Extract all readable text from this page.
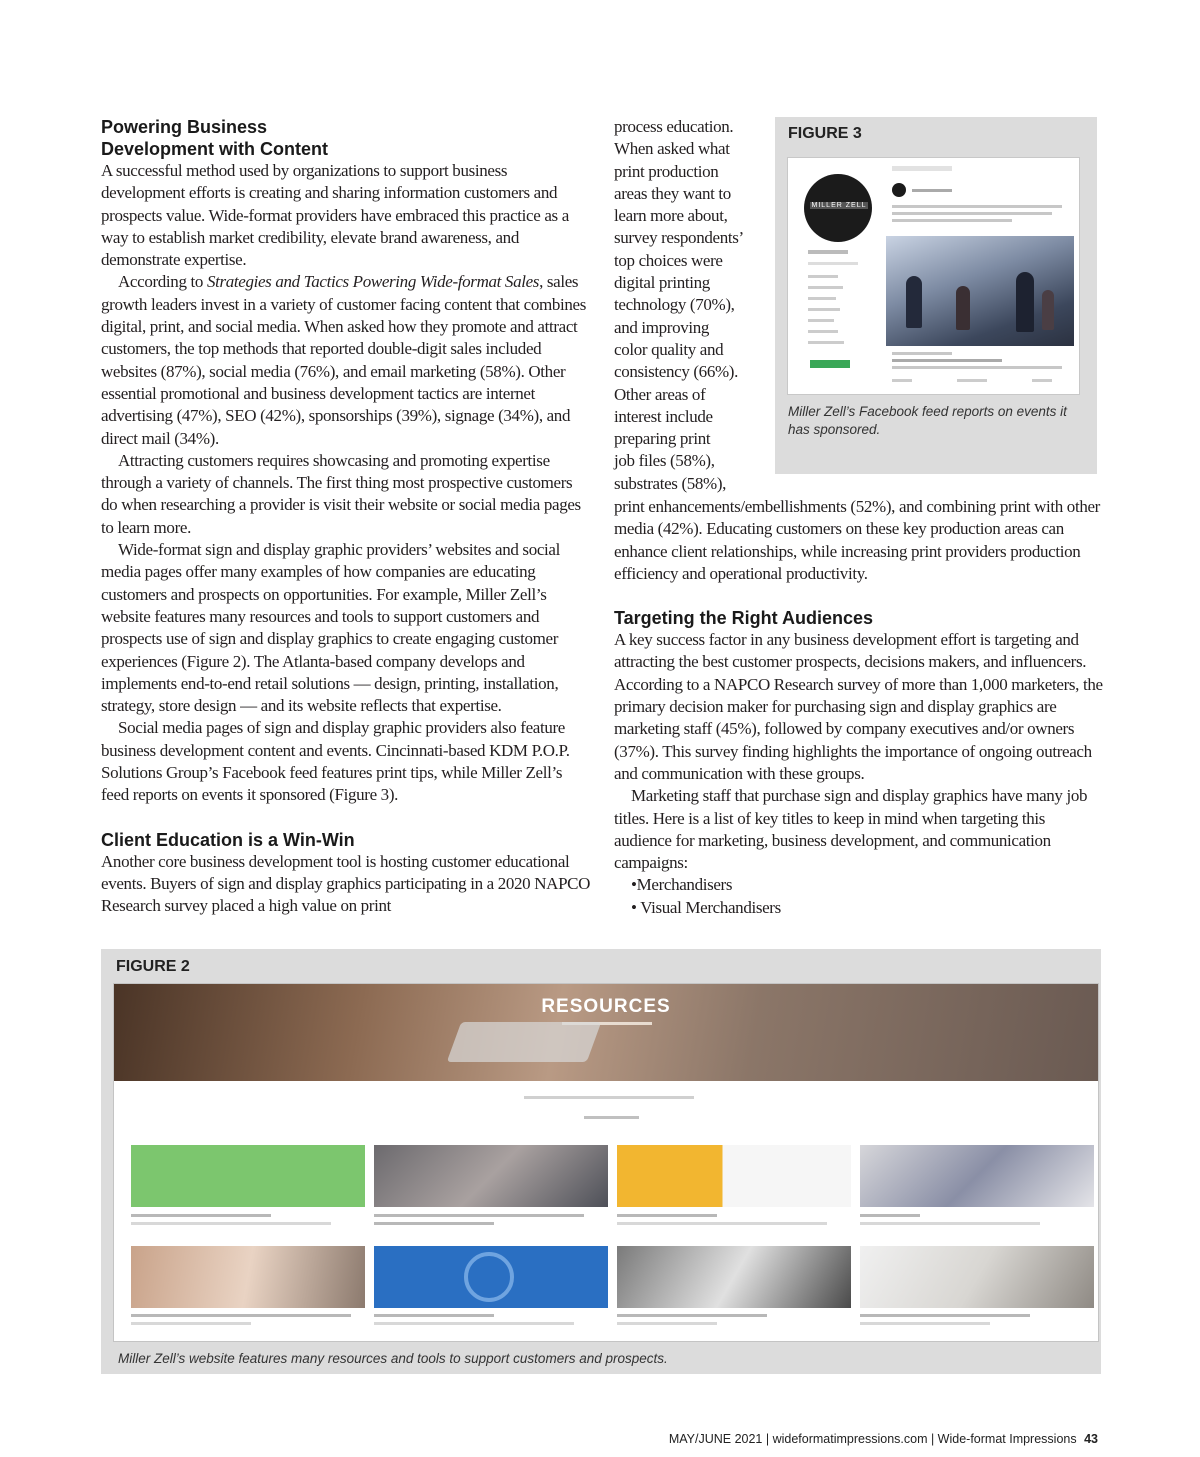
Powering Business
Development with Content

A successful method used by organizations to support business development efforts is creating and sharing information customers and prospects value. Wide-format providers have embraced this practice as a way to establish market credibility, elevate brand awareness, and demonstrate expertise.

According to Strategies and Tactics Powering Wide-format Sales, sales growth leaders invest in a variety of customer facing content that combines digital, print, and social media. When asked how they promote and attract customers, the top methods that reported double-digit sales included websites (87%), social media (76%), and email marketing (58%). Other essential promotional and business development tactics are internet advertising (47%), SEO (42%), sponsorships (39%), signage (34%), and direct mail (34%).

Attracting customers requires showcasing and promoting expertise through a variety of channels. The first thing most prospective customers do when researching a provider is visit their website or social media pages to learn more.

Wide-format sign and display graphic providers’ websites and social media pages offer many examples of how companies are educating customers and prospects on opportunities. For example, Miller Zell’s website features many resources and tools to support customers and prospects use of sign and display graphics to create engaging customer experiences (Figure 2). The Atlanta-based company develops and implements end-to-end retail solutions — design, printing, installation, strategy, store design — and its website reflects that expertise.

Social media pages of sign and display graphic providers also feature business development content and events. Cincinnati-based KDM P.O.P. Solutions Group’s Facebook feed features print tips, while Miller Zell’s feed reports on events it sponsored (Figure 3).

Client Education is a Win-Win

Another core business development tool is hosting customer educational events. Buyers of sign and display graphics participating in a 2020 NAPCO Research survey placed a high value on print

process education.
When asked what
print production
areas they want to
learn more about,
survey respondents’
top choices were
digital printing
technology (70%),
and improving
color quality and
consistency (66%).
Other areas of
interest include
preparing print
job files (58%),
substrates (58%),

print enhancements/embellishments (52%), and combining print with other media (42%). Educating customers on these key production areas can enhance client relationships, while increasing print providers production efficiency and operational productivity.

Targeting the Right Audiences

A key success factor in any business development effort is targeting and attracting the best customer prospects, decisions makers, and influencers. According to a NAPCO Research survey of more than 1,000 marketers, the primary decision maker for purchasing sign and display graphics are marketing staff (45%), followed by company executives and/or owners (37%). This survey finding highlights the importance of ongoing outreach and communication with these groups.

Marketing staff that purchase sign and display graphics have many job titles. Here is a list of key titles to keep in mind when targeting this audience for marketing, business development, and communication campaigns:

•Merchandisers
• Visual Merchandisers
FIGURE 3
MILLER ZELL
Miller Zell’s Facebook feed reports on events it has sponsored.
FIGURE 2
RESOURCES
Miller Zell’s website features many resources and tools to support customers and prospects.
MAY/JUNE 2021 | wideformatimpressions.com | Wide-format Impressions 43
